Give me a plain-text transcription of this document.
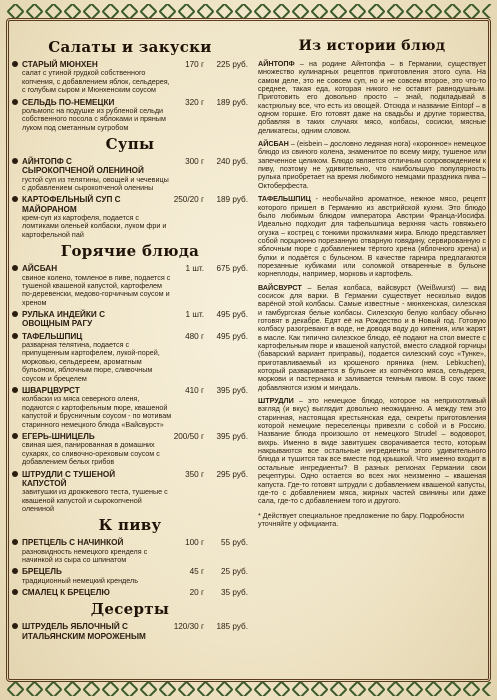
Салаты и закуски
СТАРЫЙ МЮНХЕН	170 г	225 руб.
салат с утиной грудкой собственного копчения, с добавлением яблок, сельдерея, с голубым сыром и Мюнхенским соусом
СЕЛЬДЬ ПО-НЕМЕЦКИ	320 г	189 руб.
рольмопс на подушке из рубленой сельди собственного посола с яблоками и пряным луком под сметанным сугробом
Супы
АЙНТОПФ С СЫРОКОПЧЕНОЙ ОЛЕНИНОЙ
300 г	240 руб.
густой суп из телятины, овощей и чечевицы с добавлением сырокопченой оленины
КАРТОФЕЛЬНЫЙ СУП С МАЙОРАНОМ
250/20 г	189 руб.
крем-суп из картофеля, подается с ломтиками оленьей колбаски, луком фри и картофельной пай
Горячие блюда
АЙСБАН	1 шт.	675 руб.
свиное колено, томленое в пиве, подается с тушеной квашеной капустой, картофелем по-деревенски, медово-горчичным соусом и хреном
РУЛЬКА ИНДЕЙКИ С ОВОЩНЫМ РАГУ
1 шт.	495 руб.
ТАФЕЛЬШПИЦ	480 г	495 руб.
разварная телятина, подается с припущенным картофелем, лукой-порей, морковью, сельдереем, ароматным бульоном, яблочным пюре, сливочным соусом и брецелем
ШВАРЦВУРСТ	410 г	395 руб.
колбаски из мяса северного оленя, подаются с картофельным пюре, квашеной капустой и брусничным соусом - по мотивам старинного немецкого блюда «Вайсвурст»
ЕГЕРЬ-ШНИЦЕЛЬ	200/50 г	395 руб.
свиная шея, панированная в домашних сухарях, со сливочно-ореховым соусом с добавлением белых грибов
ШТРУДЛИ С ТУШЕНОЙ КАПУСТОЙ
350 г	295 руб.
завитушки из дрожжевого теста, тушеные с квашеной капустой и сырокопченой олениной
К пиву
ПРЕТЦЕЛЬ С НАЧИНКОЙ	100 г	55 руб.
разновидность немецкого кренделя с начинкой из сыра со шпинатом
БРЕЦЕЛЬ	45 г	25 руб.
традиционный немецкий крендель
СМАЛЕЦ К БРЕЦЕЛЮ	20 г	35 руб.
Десерты
ШТРУДЕЛЬ ЯБЛОЧНЫЙ С ИТАЛЬЯНСКИМ МОРОЖЕНЫМ
120/30 г	185 руб.
Из истории блюд
АЙНТОПФ – на родине Айнтопфа – в Германии, существует множество кулинарных рецептов приготовления этого супа. На самом деле, это не совсем суп, но и не совсем второе, это что-то среднее, такая еда, которая никого не оставит равнодушным. Приготовить его довольно просто – знай, подкладывай в кастрюльку все, что есть из овощей. Отсюда и название Eintopf – в одном горшке. Его готовят даже на свадьбы и другие торжества, добавляя в таких случаях мясо, колбасы, сосиски, мясные деликатесы, одним словом.
АЙСБАН – (eisbein – дословно ледяная нога) «коронное» немецкое блюдо из свиного колена, знаменитое по всему миру, тушеное или запеченное целиком. Блюдо является отличным сопровождением к пиву, поэтому не удивительно, что наибольшую популярность рулька приобретает на время любимого немцами праздника пива – Октоберфеста.
ТАФЕЛЬШПИЦ - необычайно ароматное, нежное мясо, рецепт которого пришел в Германию из австрийской кухни. Это блюдо было любимым блюдом императора Австрии Франца-Иосифа. Идеально подходит для тафельшпица верхняя часть говяжьего огузка – кострец с тонкими прожилками жира. Блюдо представляет собой порционно порезанную отварную говядину, сервированную с яблочным пюре с добавлением тёртого хрена (яблочного хрена) и булки и подаётся с бульоном. В качестве гарнира предлагаются порезанные кубиками или соломкой отваренные в бульоне корнеплоды, например, морковь и картофель.
ВАЙСВУРСТ – Белая колбаса, вайсвурст (Weißwurst) — вид сосисок для варки. В Германии существует несколько видов варёной этой колбасы. Самые известные - мюнхенская, силезская и гамбургская белые колбасы. Силезскую белую колбасу обычно готовят в декабре. Едят её на Рождество и в Новый год. Готовую колбасу разогревают в воде, не доводя воду до кипения, или жарят в масле. Как типично силезское блюдо, её подают на стол вместе с картофельным пюре и квашеной капустой, вместо сладкой горчицы (баварский вариант приправы), подается силезский соус «Тунке», приготавливаемый из крошеного пряника (нем. Lebkuchen), который разваривается в бульоне из копчёного мяса, сельдерея, моркови и пастернака и заливается темным пивом. В соус также добавляются изюм и миндаль.
ШТРУДЛИ – это немецкое блюдо, которое на неприхотливый взгляд (и вкус) выглядит довольно неожиданно. А между тем это старинная, настоящая крестьянская еда, секреты приготовления которой немецкие переселенцы привезли с собой и в Россию. Название блюда произошло от немецкого Strudel – водоворот, вихрь. Именно в виде завитушек сворачивается тесто, которым накрываются все остальные ингредиенты этого удивительного блюда и тушится так все вместе под крышкой. Что именно входит в остальные ингредиенты? В разных регионах Германии свои рецептуры. Одно остается во всех них неизменно – квашеная капуста. Где-то готовят штрудли с добавлением квашеной капусты, где-то с добавлением мяса, жирных частей свинины или даже сала, где-то с добавлением того и другого.
* Действует специальное предложение по бару. Подробности уточняйте у официанта.
